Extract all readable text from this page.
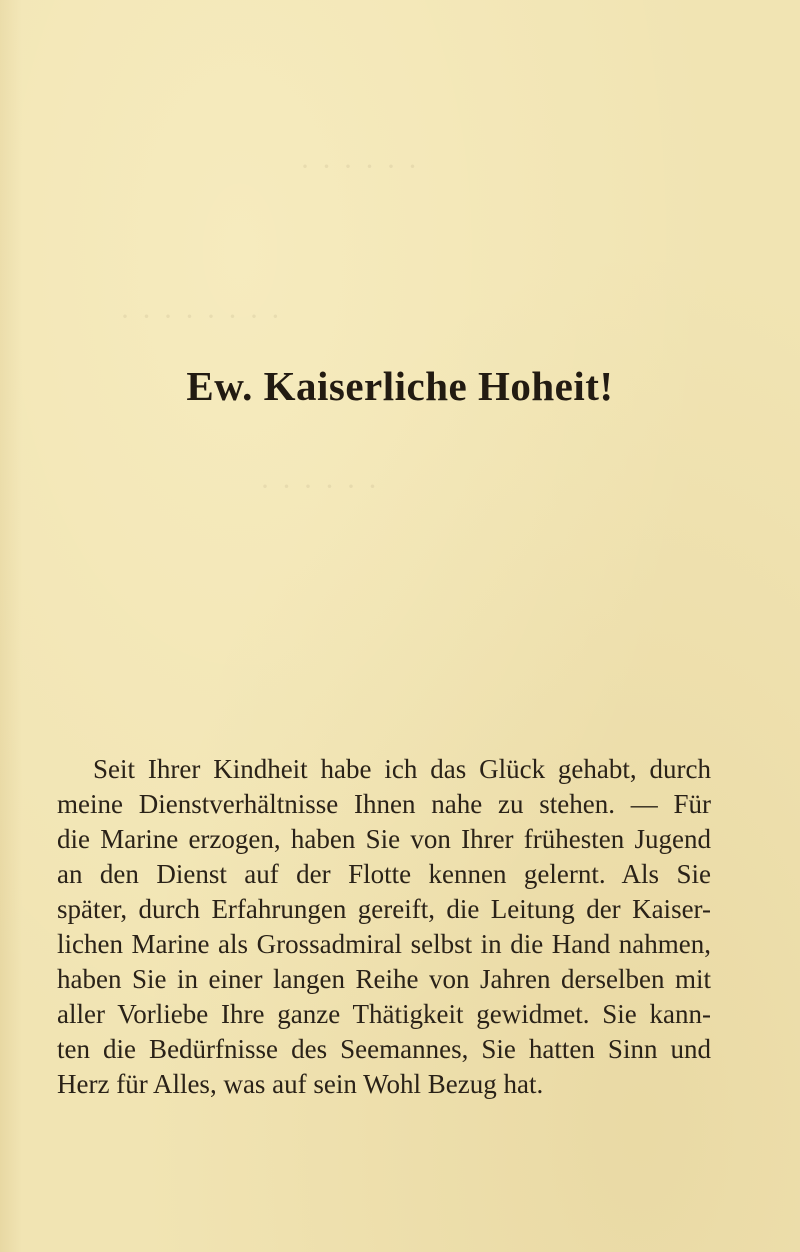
· · · · · ·
· · · · · · · ·
· · · · · ·
Ew. Kaiserliche Hoheit!
Seit Ihrer Kindheit habe ich das Glück gehabt, durch
meine Dienstverhältnisse Ihnen nahe zu stehen. — Für
die Marine erzogen, haben Sie von Ihrer frühesten Jugend
an den Dienst auf der Flotte kennen gelernt. Als Sie
später, durch Erfahrungen gereift, die Leitung der Kaiser-
lichen Marine als Grossadmiral selbst in die Hand nahmen,
haben Sie in einer langen Reihe von Jahren derselben mit
aller Vorliebe Ihre ganze Thätigkeit gewidmet. Sie kann-
ten die Bedürfnisse des Seemannes, Sie hatten Sinn und
Herz für Alles, was auf sein Wohl Bezug hat.
